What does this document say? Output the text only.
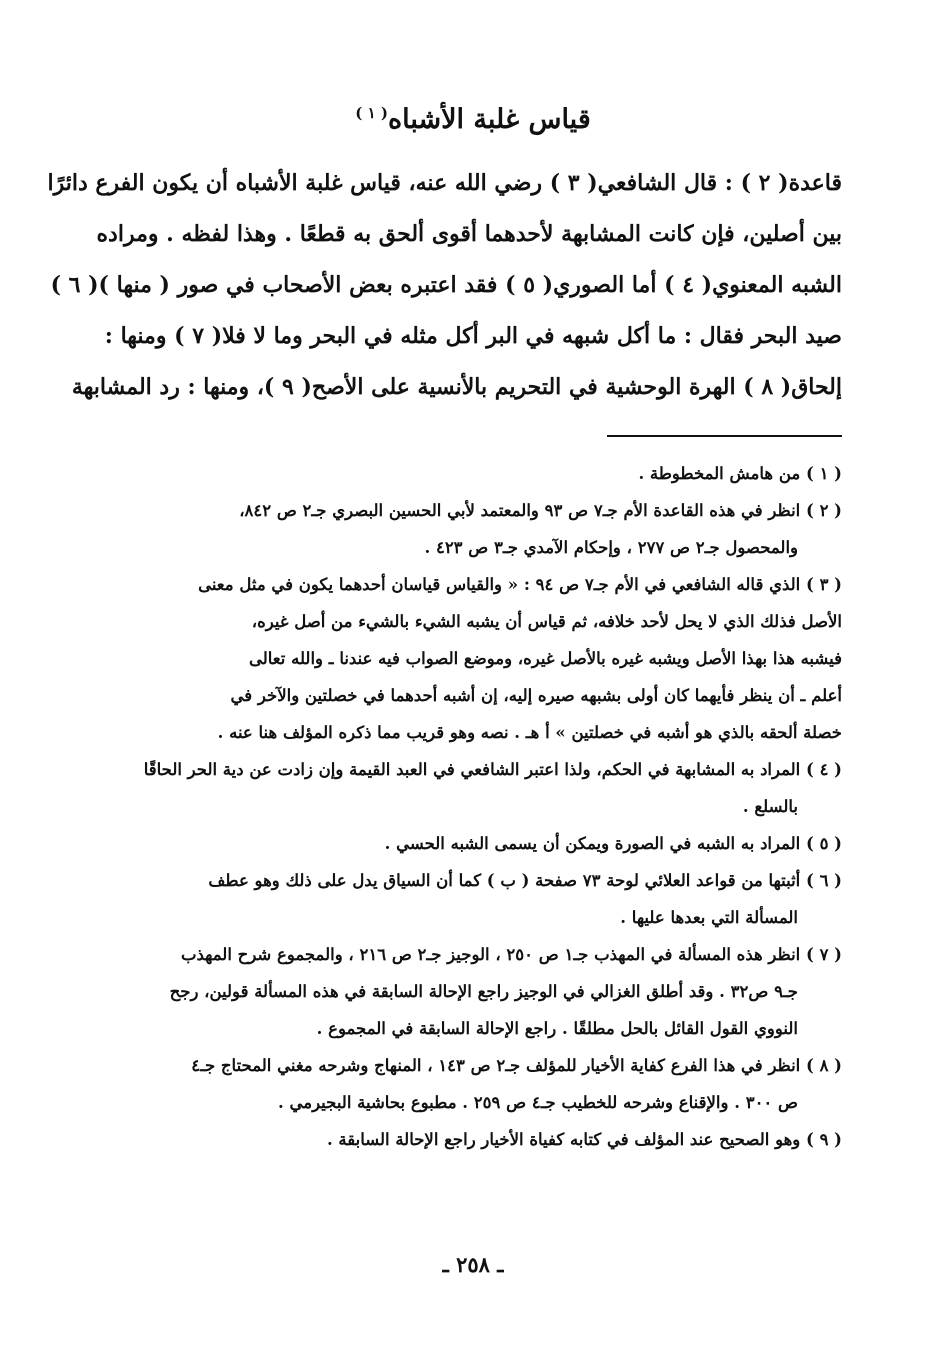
قياس غلبة الأشباه$^{( ١ )}$
قاعدة( ٢ ) : قال الشافعي( ٣ ) رضي الله عنه، قياس غلبة الأشباه أن يكون الفرع دائرًا
بين أصلين، فإن كانت المشابهة لأحدهما أقوى ألحق به قطعًا . وهذا لفظه . ومراده
الشبه المعنوي( ٤ ) أما الصوري( ٥ ) فقد اعتبره بعض الأصحاب في صور ( منها )( ٦ )
صيد البحر فقال : ما أكل شبهه في البر أكل مثله في البحر وما لا فلا( ٧ ) ومنها :
إلحاق( ٨ ) الهرة الوحشية في التحريم بالأنسية على الأصح( ٩ )، ومنها : رد المشابهة
( ١ ) من هامش المخطوطة .
( ٢ ) انظر في هذه القاعدة الأم جـ٧ ص ٩٣ والمعتمد لأبي الحسين البصري جـ٢ ص ٨٤٢،
والمحصول جـ٢ ص ٢٧٧ ، وإحكام الآمدي جـ٣ ص ٤٢٣ .
( ٣ ) الذي قاله الشافعي في الأم جـ٧ ص ٩٤ : « والقياس قياسان أحدهما يكون في مثل معنى
الأصل فذلك الذي لا يحل لأحد خلافه، ثم قياس أن يشبه الشيء بالشيء من أصل غيره،
فيشبه هذا بهذا الأصل ويشبه غيره بالأصل غيره، وموضع الصواب فيه عندنا ـ والله تعالى
أعلم ـ أن ينظر فأيهما كان أولى بشبهه صيره إليه، إن أشبه أحدهما في خصلتين والآخر في
خصلة ألحقه بالذي هو أشبه في خصلتين » أ هـ . نصه وهو قريب مما ذكره المؤلف هنا عنه .
( ٤ ) المراد به المشابهة في الحكم، ولذا اعتبر الشافعي في العبد القيمة وإن زادت عن دية الحر الحاقًا
بالسلع .
( ٥ ) المراد به الشبه في الصورة ويمكن أن يسمى الشبه الحسي .
( ٦ ) أثبتها من قواعد العلائي لوحة ٧٣ صفحة ( ب ) كما أن السياق يدل على ذلك وهو عطف
المسألة التي بعدها عليها .
( ٧ ) انظر هذه المسألة في المهذب جـ١ ص ٢٥٠ ، الوجيز جـ٢ ص ٢١٦ ، والمجموع شرح المهذب
جـ٩ ص٣٢ . وقد أطلق الغزالي في الوجيز راجع الإحالة السابقة في هذه المسألة قولين، رجح
النووي القول القائل بالحل مطلقًا . راجع الإحالة السابقة في المجموع .
( ٨ ) انظر في هذا الفرع كفاية الأخيار للمؤلف جـ٢ ص ١٤٣ ، المنهاج وشرحه مغني المحتاج جـ٤
ص ٣٠٠ . والإقناع وشرحه للخطيب جـ٤ ص ٢٥٩ . مطبوع بحاشية البجيرمي .
( ٩ ) وهو الصحيح عند المؤلف في كتابه كفياة الأخيار راجع الإحالة السابقة .
ـ ٢٥٨ ـ
